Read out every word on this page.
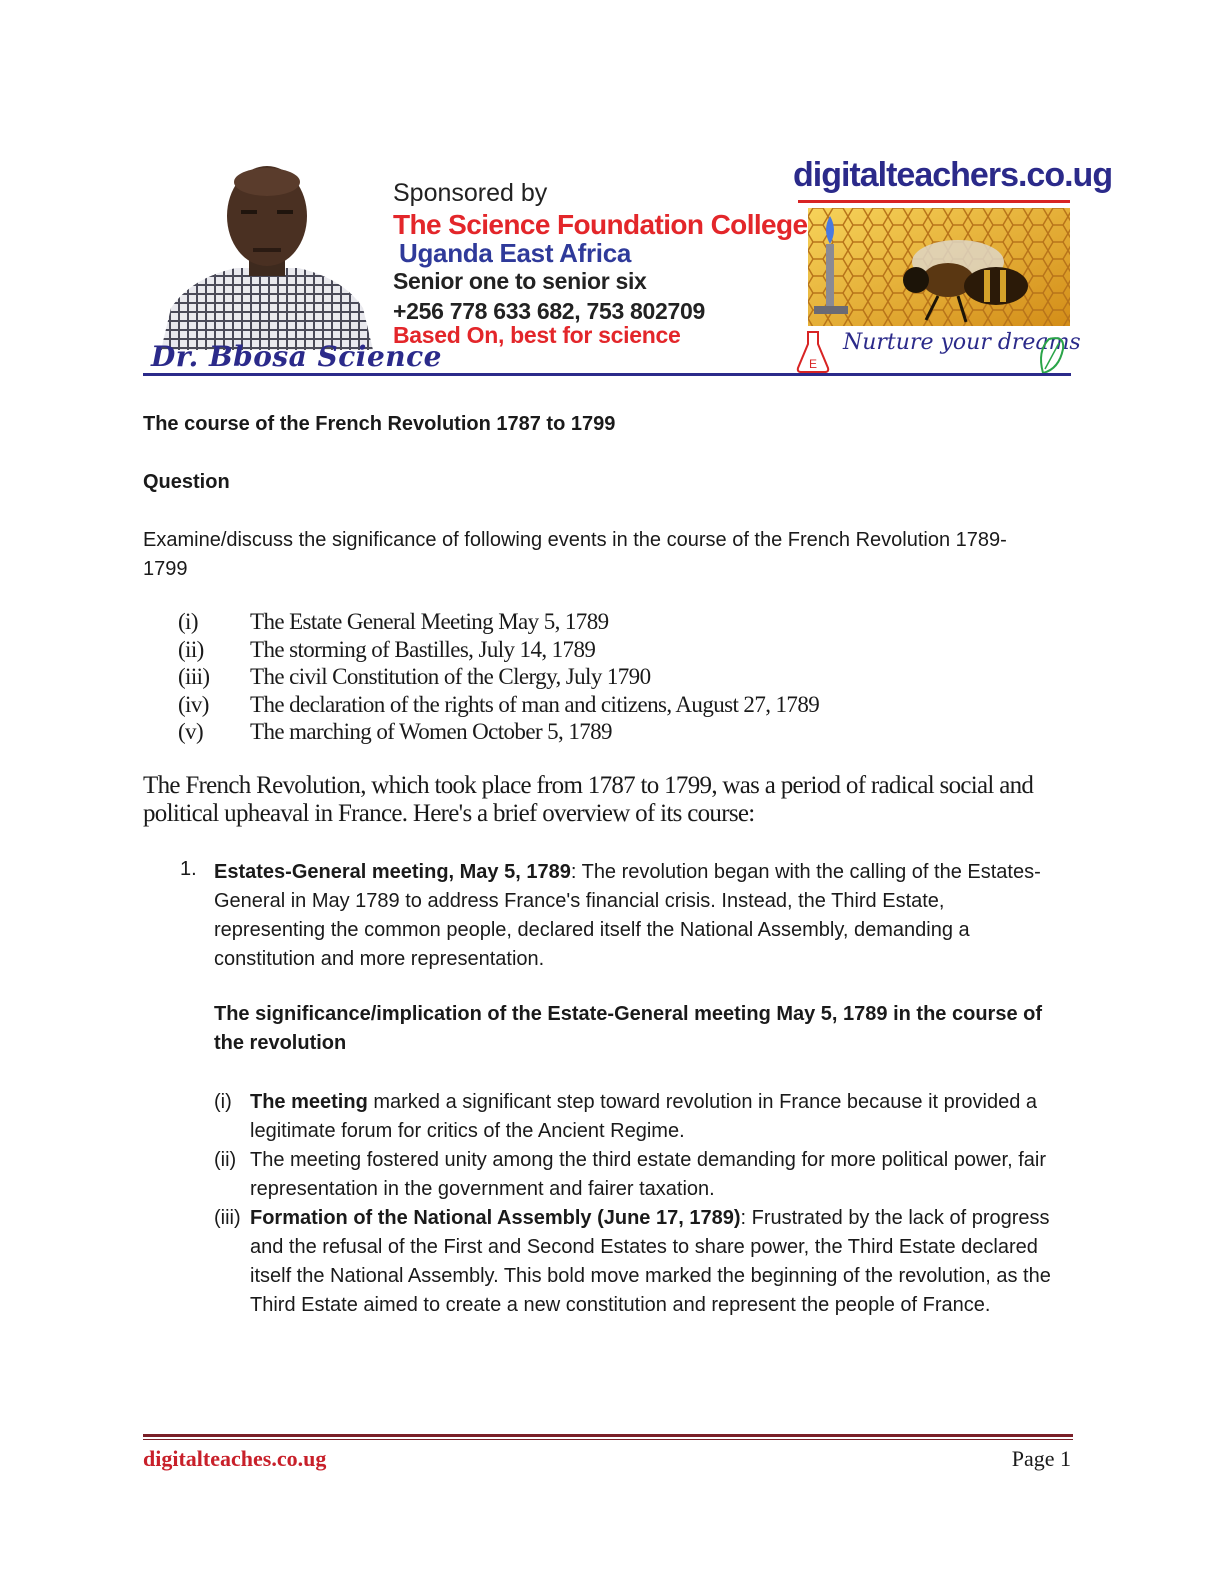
Dr. Bbosa Science
Sponsored by
The Science Foundation College
Uganda East Africa
Senior one to senior six
+256 778 633 682, 753 802709
Based On, best for science
digitalteachers.co.ug
E
Nurture your dreams
The course of the French Revolution 1787 to 1799
Question
Examine/discuss the significance of following events in the course of the French Revolution 1789-1799
(i) The Estate General Meeting May 5, 1789
(ii) The storming of Bastilles, July 14, 1789
(iii) The civil Constitution of the Clergy, July 1790
(iv) The declaration of the rights of man and citizens, August 27, 1789
(v) The marching of Women October 5, 1789
The French Revolution, which took place from 1787 to 1799, was a period of radical social and political upheaval in France. Here's a brief overview of its course:
1. Estates-General meeting, May 5, 1789: The revolution began with the calling of the Estates-General in May 1789 to address France's financial crisis. Instead, the Third Estate, representing the common people, declared itself the National Assembly, demanding a constitution and more representation.
The significance/implication of the Estate-General meeting May 5, 1789 in the course of the revolution
(i) The meeting marked a significant step toward revolution in France because it provided a legitimate forum for critics of the Ancient Regime.
(ii) The meeting fostered unity among the third estate demanding for more political power, fair representation in the government and fairer taxation.
(iii) Formation of the National Assembly (June 17, 1789): Frustrated by the lack of progress and the refusal of the First and Second Estates to share power, the Third Estate declared itself the National Assembly. This bold move marked the beginning of the revolution, as the Third Estate aimed to create a new constitution and represent the people of France.
digitalteaches.co.ug	Page 1
